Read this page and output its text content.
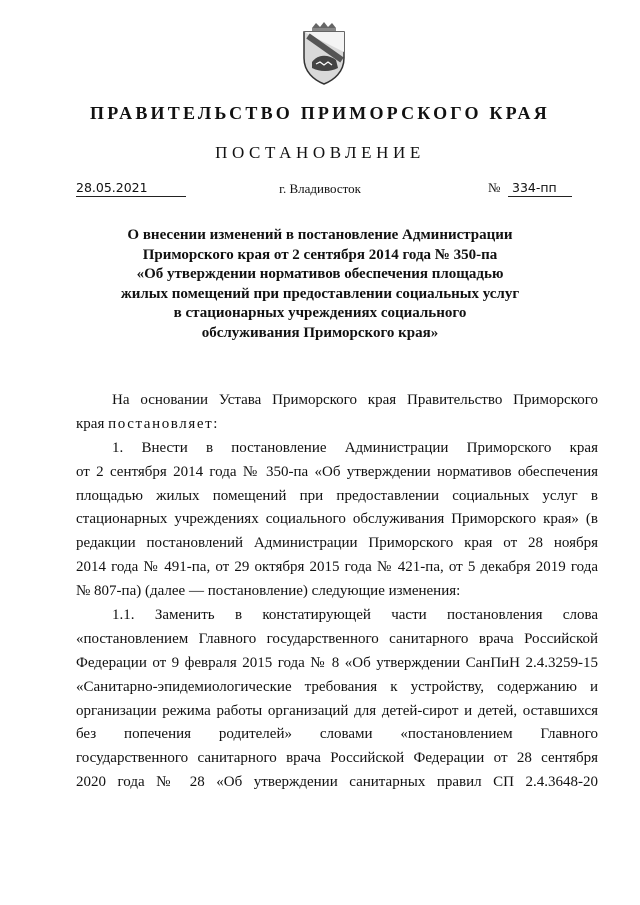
ПРАВИТЕЛЬСТВО ПРИМОРСКОГО КРАЯ
ПОСТАНОВЛЕНИЕ
28.05.2021	г. Владивосток	№ 334-пп
О внесении изменений в постановление Администрации
Приморского края от 2 сентября 2014 года № 350-па
«Об утверждении нормативов обеспечения площадью
жилых помещений при предоставлении социальных услуг
в стационарных учреждениях социального
обслуживания Приморского края»
На основании Устава Приморского края Правительство Приморского
края постановляет:
1. Внести в постановление Администрации Приморского края
от 2 сентября 2014 года № 350-па «Об утверждении нормативов обеспечения
площадью жилых помещений при предоставлении социальных услуг в
стационарных учреждениях социального обслуживания Приморского края» (в
редакции постановлений Администрации Приморского края от 28 ноября
2014 года № 491-па, от 29 октября 2015 года № 421-па, от 5 декабря 2019 года
№ 807-па) (далее — постановление) следующие изменения:
1.1. Заменить в констатирующей части постановления слова
«постановлением Главного государственного санитарного врача Российской
Федерации от 9 февраля 2015 года № 8 «Об утверждении СанПиН 2.4.3259-15
«Санитарно-эпидемиологические требования к устройству, содержанию и
организации режима работы организаций для детей-сирот и детей, оставшихся
без попечения родителей» словами «постановлением Главного
государственного санитарного врача Российской Федерации от 28 сентября
2020 года № 28 «Об утверждении санитарных правил СП 2.4.3648-20
